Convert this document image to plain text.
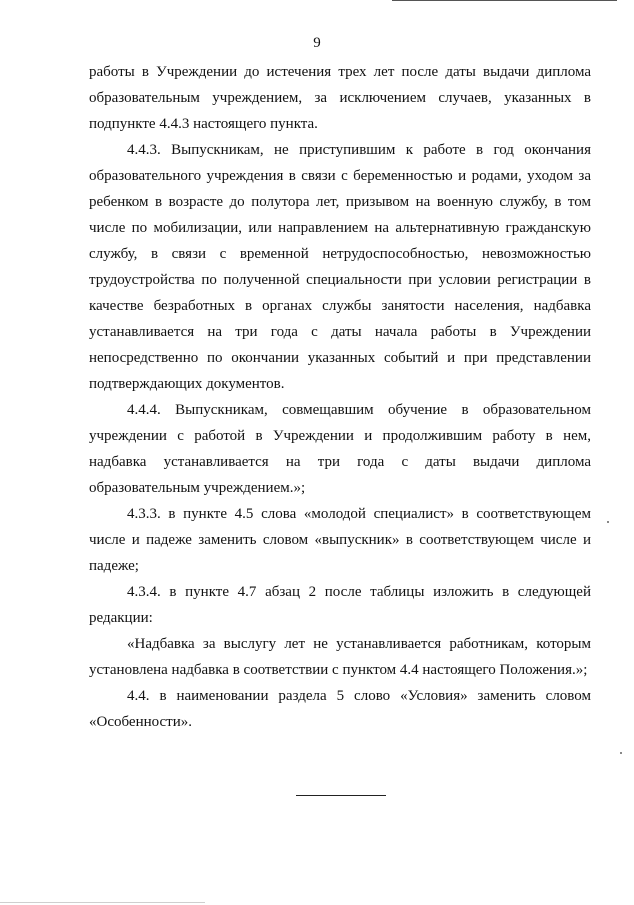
9

работы в Учреждении до истечения трех лет после даты выдачи диплома образовательным учреждением, за исключением случаев, указанных в подпункте 4.4.3 настоящего пункта.

4.4.3. Выпускникам, не приступившим к работе в год окончания образовательного учреждения в связи с беременностью и родами, уходом за ребенком в возрасте до полутора лет, призывом на военную службу, в том числе по мобилизации, или направлением на альтернативную гражданскую службу, в связи с временной нетрудоспособностью, невозможностью трудоустройства по полученной специальности при условии регистрации в качестве безработных в органах службы занятости населения, надбавка устанавливается на три года с даты начала работы в Учреждении непосредственно по окончании указанных событий и при представлении подтверждающих документов.

4.4.4. Выпускникам, совмещавшим обучение в образовательном учреждении с работой в Учреждении и продолжившим работу в нем, надбавка устанавливается на три года с даты выдачи диплома образовательным учреждением.»;

4.3.3. в пункте 4.5 слова «молодой специалист» в соответствующем числе и падеже заменить словом «выпускник» в соответствующем числе и падеже;

4.3.4. в пункте 4.7 абзац 2 после таблицы изложить в следующей редакции:

«Надбавка за выслугу лет не устанавливается работникам, которым установлена надбавка в соответствии с пунктом 4.4 настоящего Положения.»;

4.4. в наименовании раздела 5 слово «Условия» заменить словом «Особенности».
